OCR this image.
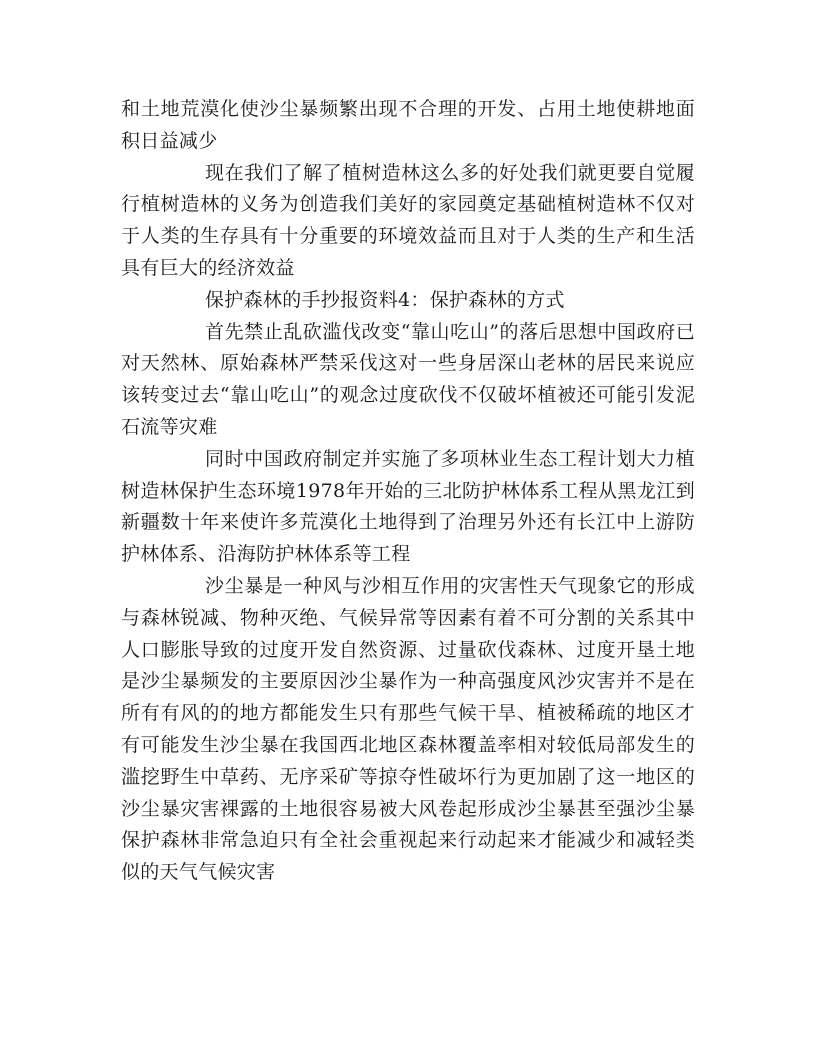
和土地荒漠化使沙尘暴频繁出现不合理的开发、占用土地使耕地面积日益减少

现在我们了解了植树造林这么多的好处我们就更要自觉履行植树造林的义务为创造我们美好的家园奠定基础植树造林不仅对于人类的生存具有十分重要的环境效益而且对于人类的生产和生活具有巨大的经济效益

保护森林的手抄报资料4：保护森林的方式

首先禁止乱砍滥伐改变“靠山吃山”的落后思想中国政府已对天然林、原始森林严禁采伐这对一些身居深山老林的居民来说应该转变过去“靠山吃山”的观念过度砍伐不仅破坏植被还可能引发泥石流等灾难

同时中国政府制定并实施了多项林业生态工程计划大力植树造林保护生态环境1978年开始的三北防护林体系工程从黑龙江到新疆数十年来使许多荒漠化土地得到了治理另外还有长江中上游防护林体系、沿海防护林体系等工程

沙尘暴是一种风与沙相互作用的灾害性天气现象它的形成与森林锐减、物种灭绝、气候异常等因素有着不可分割的关系其中人口膨胀导致的过度开发自然资源、过量砍伐森林、过度开垦土地是沙尘暴频发的主要原因沙尘暴作为一种高强度风沙灾害并不是在所有有风的的地方都能发生只有那些气候干旱、植被稀疏的地区才有可能发生沙尘暴在我国西北地区森林覆盖率相对较低局部发生的滥挖野生中草药、无序采矿等掠夺性破坏行为更加剧了这一地区的沙尘暴灾害裸露的土地很容易被大风卷起形成沙尘暴甚至强沙尘暴保护森林非常急迫只有全社会重视起来行动起来才能减少和减轻类似的天气气候灾害
